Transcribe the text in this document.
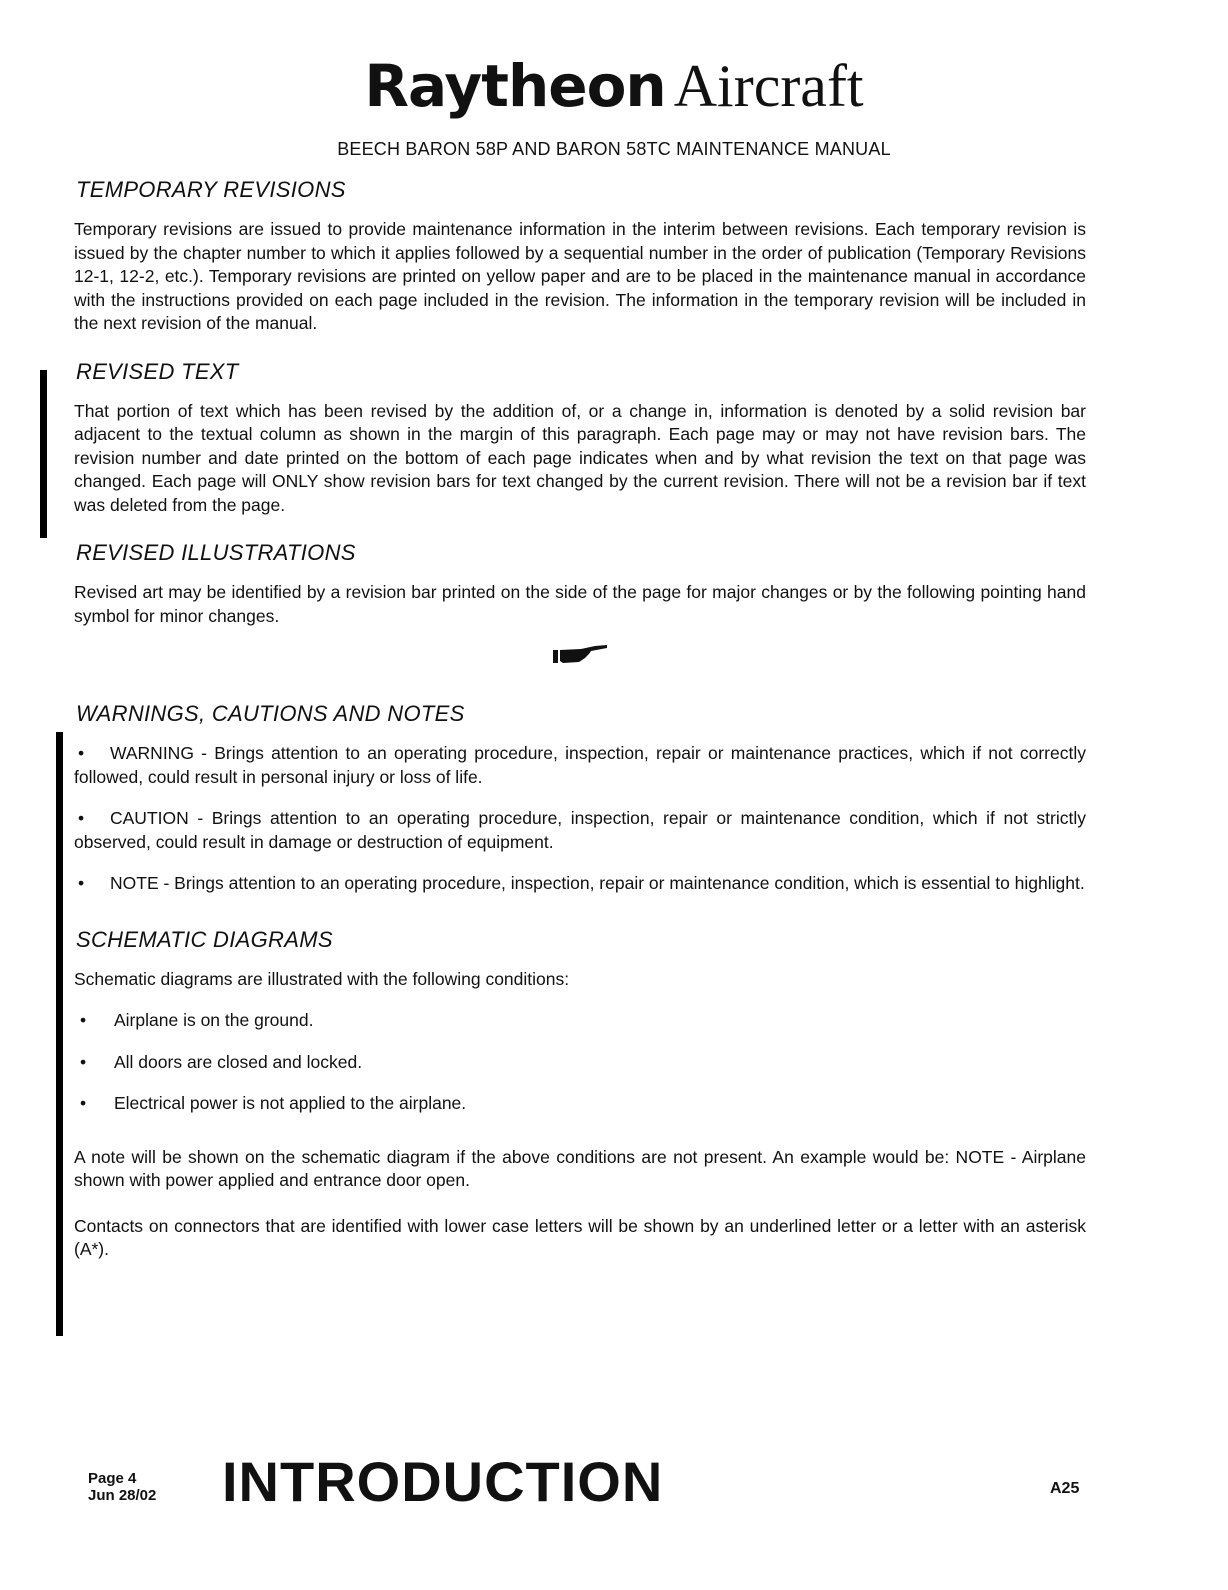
Raytheon Aircraft
BEECH BARON 58P AND BARON 58TC MAINTENANCE MANUAL
TEMPORARY REVISIONS

Temporary revisions are issued to provide maintenance information in the interim between revisions. Each temporary revision is issued by the chapter number to which it applies followed by a sequential number in the order of publication (Temporary Revisions 12-1, 12-2, etc.). Temporary revisions are printed on yellow paper and are to be placed in the maintenance manual in accordance with the instructions provided on each page included in the revision. The information in the temporary revision will be included in the next revision of the manual.

REVISED TEXT

That portion of text which has been revised by the addition of, or a change in, information is denoted by a solid revision bar adjacent to the textual column as shown in the margin of this paragraph. Each page may or may not have revision bars. The revision number and date printed on the bottom of each page indicates when and by what revision the text on that page was changed. Each page will ONLY show revision bars for text changed by the current revision. There will not be a revision bar if text was deleted from the page.

REVISED ILLUSTRATIONS

Revised art may be identified by a revision bar printed on the side of the page for major changes or by the following pointing hand symbol for minor changes.

WARNINGS, CAUTIONS AND NOTES

• WARNING - Brings attention to an operating procedure, inspection, repair or maintenance practices, which if not correctly followed, could result in personal injury or loss of life.

• CAUTION - Brings attention to an operating procedure, inspection, repair or maintenance condition, which if not strictly observed, could result in damage or destruction of equipment.

• NOTE - Brings attention to an operating procedure, inspection, repair or maintenance condition, which is essential to highlight.

SCHEMATIC DIAGRAMS

Schematic diagrams are illustrated with the following conditions:

• Airplane is on the ground.
• All doors are closed and locked.
• Electrical power is not applied to the airplane.

A note will be shown on the schematic diagram if the above conditions are not present. An example would be: NOTE - Airplane shown with power applied and entrance door open.

Contacts on connectors that are identified with lower case letters will be shown by an underlined letter or a letter with an asterisk (A*).

Page 4
Jun 28/02 INTRODUCTION	A25
